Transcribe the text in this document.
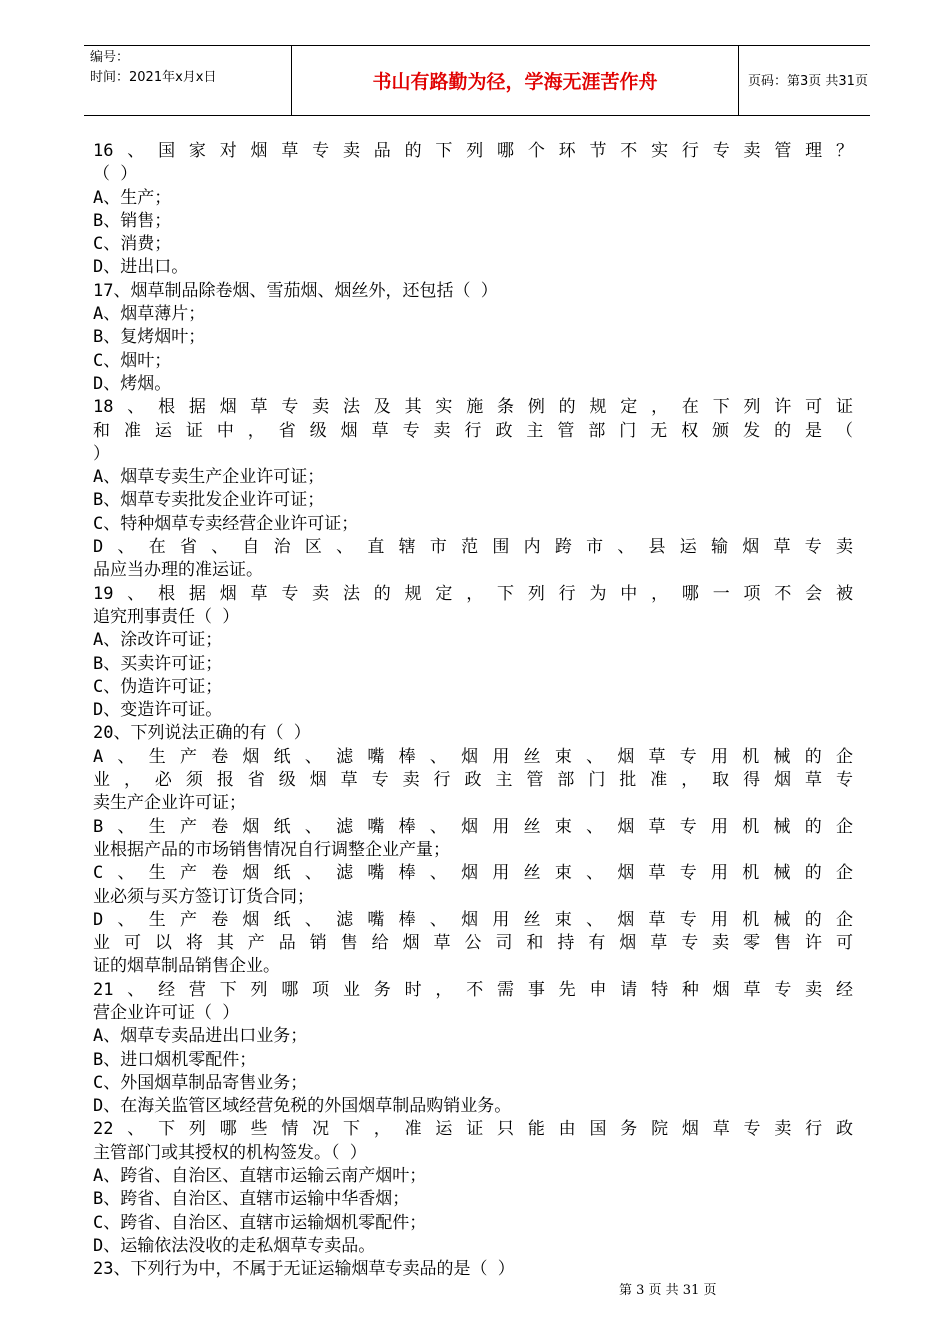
编号：
时间：2021年x月x日	书山有路勤为径，学海无涯苦作舟	页码：第3页 共31页
16、国家对烟草专卖品的下列哪个环节不实行专卖管理？
（ ）
A、生产；
B、销售；
C、消费；
D、进出口。
17、烟草制品除卷烟、雪茄烟、烟丝外，还包括（ ）
A、烟草薄片；
B、复烤烟叶；
C、烟叶；
D、烤烟。
18、根据烟草专卖法及其实施条例的规定，在下列许可证
和准运证中，省级烟草专卖行政主管部门无权颁发的是（
）
A、烟草专卖生产企业许可证；
B、烟草专卖批发企业许可证；
C、特种烟草专卖经营企业许可证；
D、在省、自治区、直辖市范围内跨市、县运输烟草专卖
品应当办理的准运证。
19、根据烟草专卖法的规定，下列行为中，哪一项不会被
追究刑事责任（ ）
A、涂改许可证；
B、买卖许可证；
C、伪造许可证；
D、变造许可证。
20、下列说法正确的有（ ）
A、生产卷烟纸、滤嘴棒、烟用丝束、烟草专用机械的企
业，必须报省级烟草专卖行政主管部门批准，取得烟草专
卖生产企业许可证；
B、生产卷烟纸、滤嘴棒、烟用丝束、烟草专用机械的企
业根据产品的市场销售情况自行调整企业产量；
C、生产卷烟纸、滤嘴棒、烟用丝束、烟草专用机械的企
业必须与买方签订订货合同；
D、生产卷烟纸、滤嘴棒、烟用丝束、烟草专用机械的企
业可以将其产品销售给烟草公司和持有烟草专卖零售许可
证的烟草制品销售企业。
21、经营下列哪项业务时，不需事先申请特种烟草专卖经
营企业许可证（ ）
A、烟草专卖品进出口业务；
B、进口烟机零配件；
C、外国烟草制品寄售业务；
D、在海关监管区域经营免税的外国烟草制品购销业务。
22、下列哪些情况下，准运证只能由国务院烟草专卖行政
主管部门或其授权的机构签发。（ ）
A、跨省、自治区、直辖市运输云南产烟叶；
B、跨省、自治区、直辖市运输中华香烟；
C、跨省、自治区、直辖市运输烟机零配件；
D、运输依法没收的走私烟草专卖品。
23、下列行为中，不属于无证运输烟草专卖品的是（ ）
第 3 页 共 31 页
